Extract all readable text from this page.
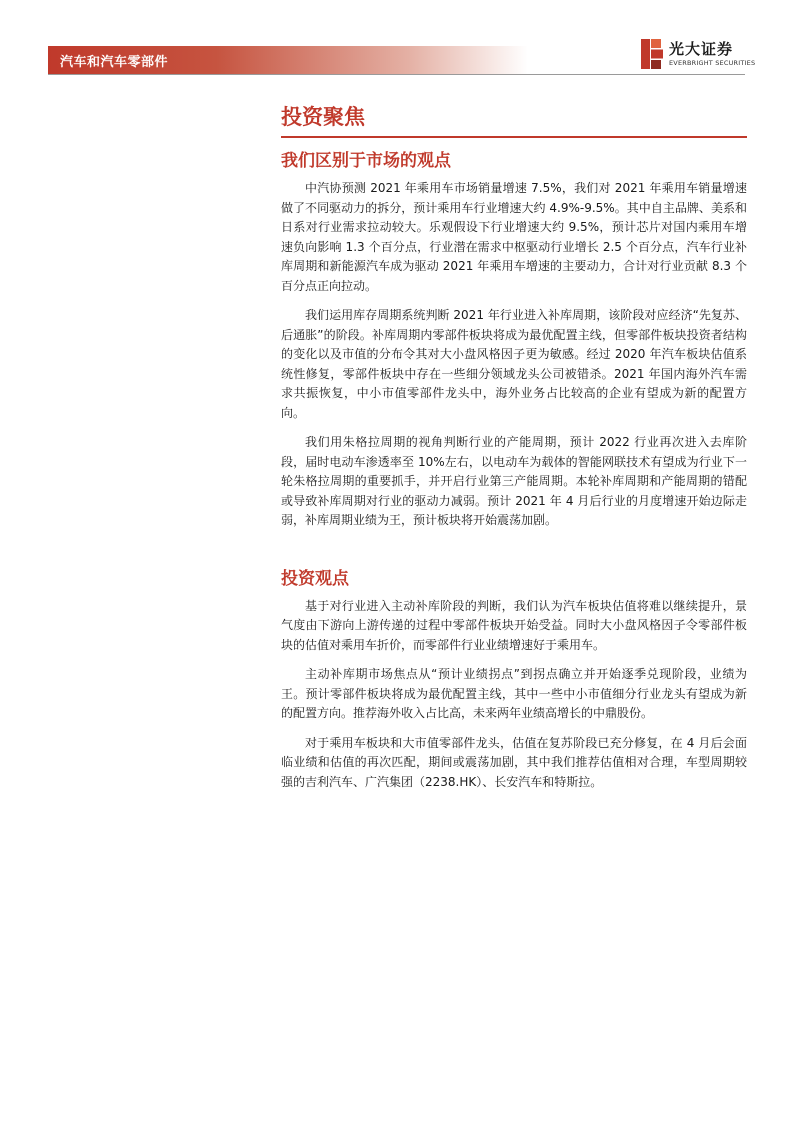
汽车和汽车零部件
光大证券
EVERBRIGHT SECURITIES
投资聚焦
我们区别于市场的观点

中汽协预测 2021 年乘用车市场销量增速 7.5%，我们对 2021 年乘用车销量增速做了不同驱动力的拆分，预计乘用车行业增速大约 4.9%-9.5%。其中自主品牌、美系和日系对行业需求拉动较大。乐观假设下行业增速大约 9.5%，预计芯片对国内乘用车增速负向影响 1.3 个百分点，行业潜在需求中枢驱动行业增长 2.5 个百分点，汽车行业补库周期和新能源汽车成为驱动 2021 年乘用车增速的主要动力，合计对行业贡献 8.3 个百分点正向拉动。

我们运用库存周期系统判断 2021 年行业进入补库周期，该阶段对应经济“先复苏、后通胀”的阶段。补库周期内零部件板块将成为最优配置主线，但零部件板块投资者结构的变化以及市值的分布令其对大小盘风格因子更为敏感。经过 2020 年汽车板块估值系统性修复，零部件板块中存在一些细分领域龙头公司被错杀。2021 年国内海外汽车需求共振恢复，中小市值零部件龙头中，海外业务占比较高的企业有望成为新的配置方向。

我们用朱格拉周期的视角判断行业的产能周期，预计 2022 行业再次进入去库阶段，届时电动车渗透率至 10%左右，以电动车为载体的智能网联技术有望成为行业下一轮朱格拉周期的重要抓手，并开启行业第三产能周期。本轮补库周期和产能周期的错配或导致补库周期对行业的驱动力减弱。预计 2021 年 4 月后行业的月度增速开始边际走弱，补库周期业绩为王，预计板块将开始震荡加剧。

投资观点

基于对行业进入主动补库阶段的判断，我们认为汽车板块估值将难以继续提升，景气度由下游向上游传递的过程中零部件板块开始受益。同时大小盘风格因子令零部件板块的估值对乘用车折价，而零部件行业业绩增速好于乘用车。

主动补库期市场焦点从“预计业绩拐点”到拐点确立并开始逐季兑现阶段，业绩为王。预计零部件板块将成为最优配置主线，其中一些中小市值细分行业龙头有望成为新的配置方向。推荐海外收入占比高，未来两年业绩高增长的中鼎股份。

对于乘用车板块和大市值零部件龙头，估值在复苏阶段已充分修复，在 4 月后会面临业绩和估值的再次匹配，期间或震荡加剧，其中我们推荐估值相对合理，车型周期较强的吉利汽车、广汽集团（2238.HK）、长安汽车和特斯拉。
